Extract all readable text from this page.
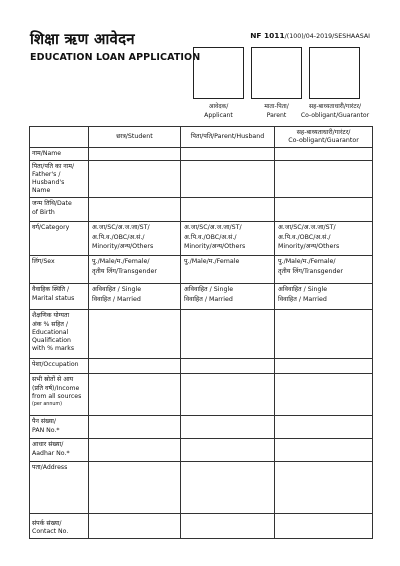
शिक्षा ऋण आवेदन
EDUCATION LOAN APPLICATION
NF 1011/(100)/04-2019/SESHAASAI
आवेदक/
Applicant
माता-पिता/
Parent
सह-बाध्यताधारी/गारंटर/
Co-obligant/Guarantor
	छात्र/Student	पिता/पति/Parent/Husband	सह-बाध्यताधारी/गारंटर/
Co-obligant/Guarantor

नाम/Name			

पिता/पति का नाम/
Father's /
Husband's
Name			

जन्म तिथि/Date
of Birth			

वर्ग/Category	अ.जा/SC/अ.ज.जा/ST/
अ.पि.व./OBC/अ.सं./
Minority/अन्य/Others	अ.जा/SC/अ.ज.जा/ST/
अ.पि.व./OBC/अ.सं./
Minority/अन्य/Others	अ.जा/SC/अ.ज.जा/ST/
अ.पि.व./OBC/अ.सं./
Minority/अन्य/Others

लिंग/Sex	पु./Male/म./Female/
तृतीय लिंग/Transgender	पु./Male/म./Female	पु./Male/म./Female/
तृतीय लिंग/Transgender

वैवाहिक स्थिति /
Marital status	अविवाहित / Single
विवाहित / Married	अविवाहित / Single
विवाहित / Married	अविवाहित / Single
विवाहित / Married

शैक्षणिक योग्यता
अंक % सहित /
Educational
Qualification
with % marks			

पेशा/Occupation			

सभी स्रोतों से आय
(प्रति वर्ष)/Income
from all sources
(per annum)			

पैन संख्या/
PAN No.*			

आधार संख्या/
Aadhar No.*			

पता/Address			

संपर्क संख्या/
Contact No.			
